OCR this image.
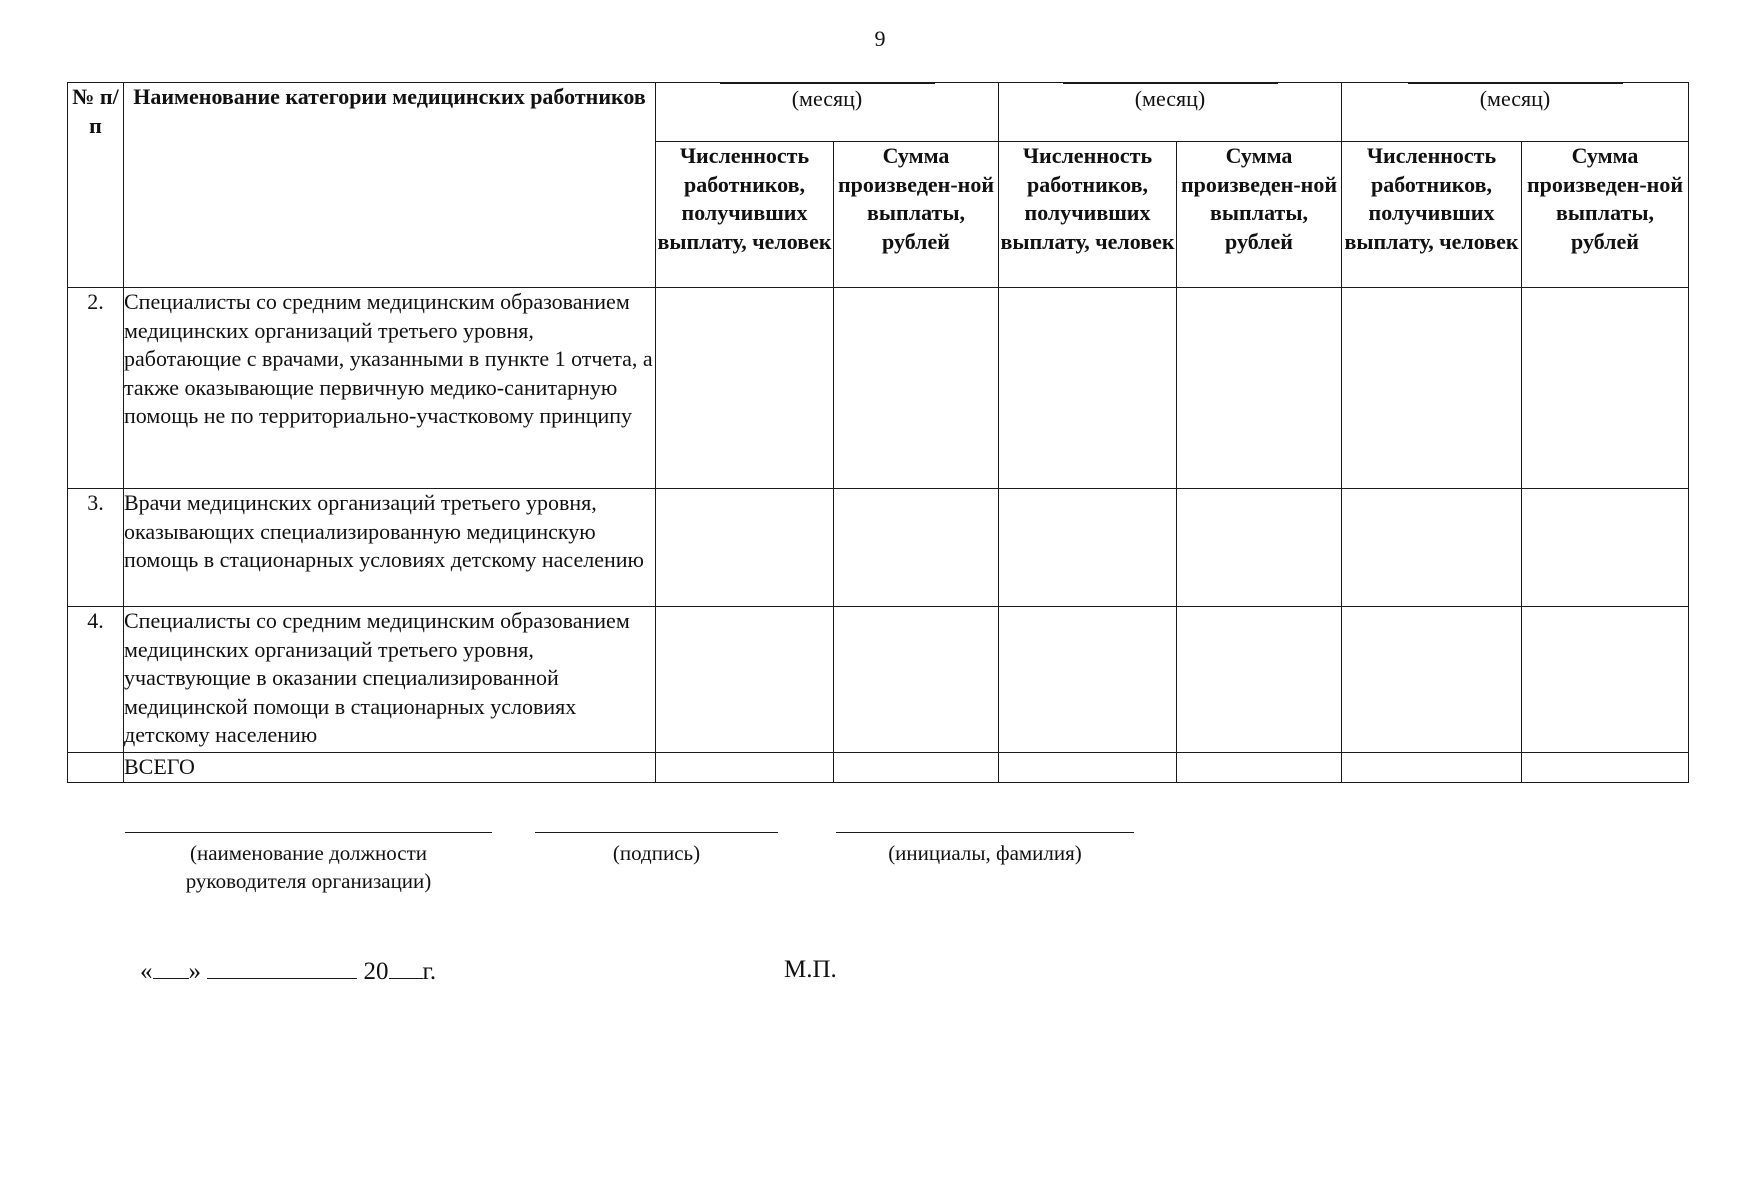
9
№ п/п	Наименование категории медицинских работников	(месяц)		(месяц)		(месяц)	

		Численность работников, получивших выплату, человек	Сумма произведен-ной выплаты, рублей	Численность работников, получивших выплату, человек	Сумма произведен-ной выплаты, рублей	Численность работников, получивших выплату, человек	Сумма произведен-ной выплаты, рублей
2.	Специалисты со средним медицинским образованием медицинских организаций третьего уровня, работающие с врачами, указанными в пункте 1 отчета, а также оказывающие первичную медико-санитарную помощь не по территориально-участковому принципу						
3.	Врачи медицинских организаций третьего уровня, оказывающих специализированную медицинскую помощь в стационарных условиях детскому населению						
4.	Специалисты со средним медицинским образованием медицинских организаций третьего уровня, участвующие в оказании специализированной медицинской помощи в стационарных условиях детскому населению						
	ВСЕГО						
(наименование должности
руководителя организации)
(подпись)	(инициалы, фамилия)
« »	20 г.	М.П.
